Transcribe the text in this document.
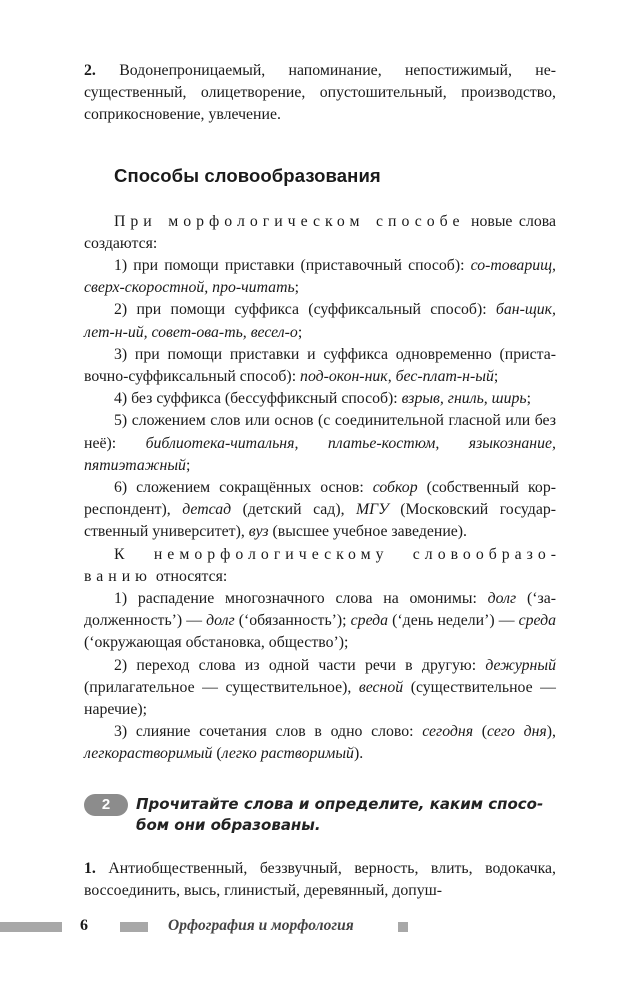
2. Водонепроницаемый, напоминание, непостижимый, несущественный, олицетворение, опустошительный, производство, соприкосновение, увлечение.

Способы словообразования

При морфологическом способе новые слова создаются:

1) при помощи приставки (приставочный способ): со-товарищ, сверх-скоростной, про-читать;

2) при помощи суффикса (суффиксальный способ): бан-щик, лет-н-ий, совет-ова-ть, весел-о;

3) при помощи приставки и суффикса одновременно (приставочно-суффиксальный способ): под-окон-ник, бес-плат-н-ый;

4) без суффикса (бессуффиксный способ): взрыв, гниль, ширь;

5) сложением слов или основ (с соединительной гласной или без неё): библиотека-читальня, платье-костюм, языкознание, пятиэтажный;

6) сложением сокращённых основ: собкор (собственный корреспондент), детсад (детский сад), МГУ (Московский государственный университет), вуз (высшее учебное заведение).

К неморфологическому словообразованию относятся:

1) распадение многозначного слова на омонимы: долг (‘задолженность’) — долг (‘обязанность’); среда (‘день недели’) — среда (‘окружающая обстановка, общество’);

2) переход слова из одной части речи в другую: дежурный (прилагательное — существительное), весной (существительное — наречие);

3) слияние сочетания слов в одно слово: сегодня (сего дня), легкорастворимый (легко растворимый).

2	Прочитайте слова и определите, каким способом они образованы.

1. Антиобщественный, беззвучный, верность, влить, водокачка, воссоединить, высь, глинистый, деревянный, допуш-

6	Орфография и морфология
